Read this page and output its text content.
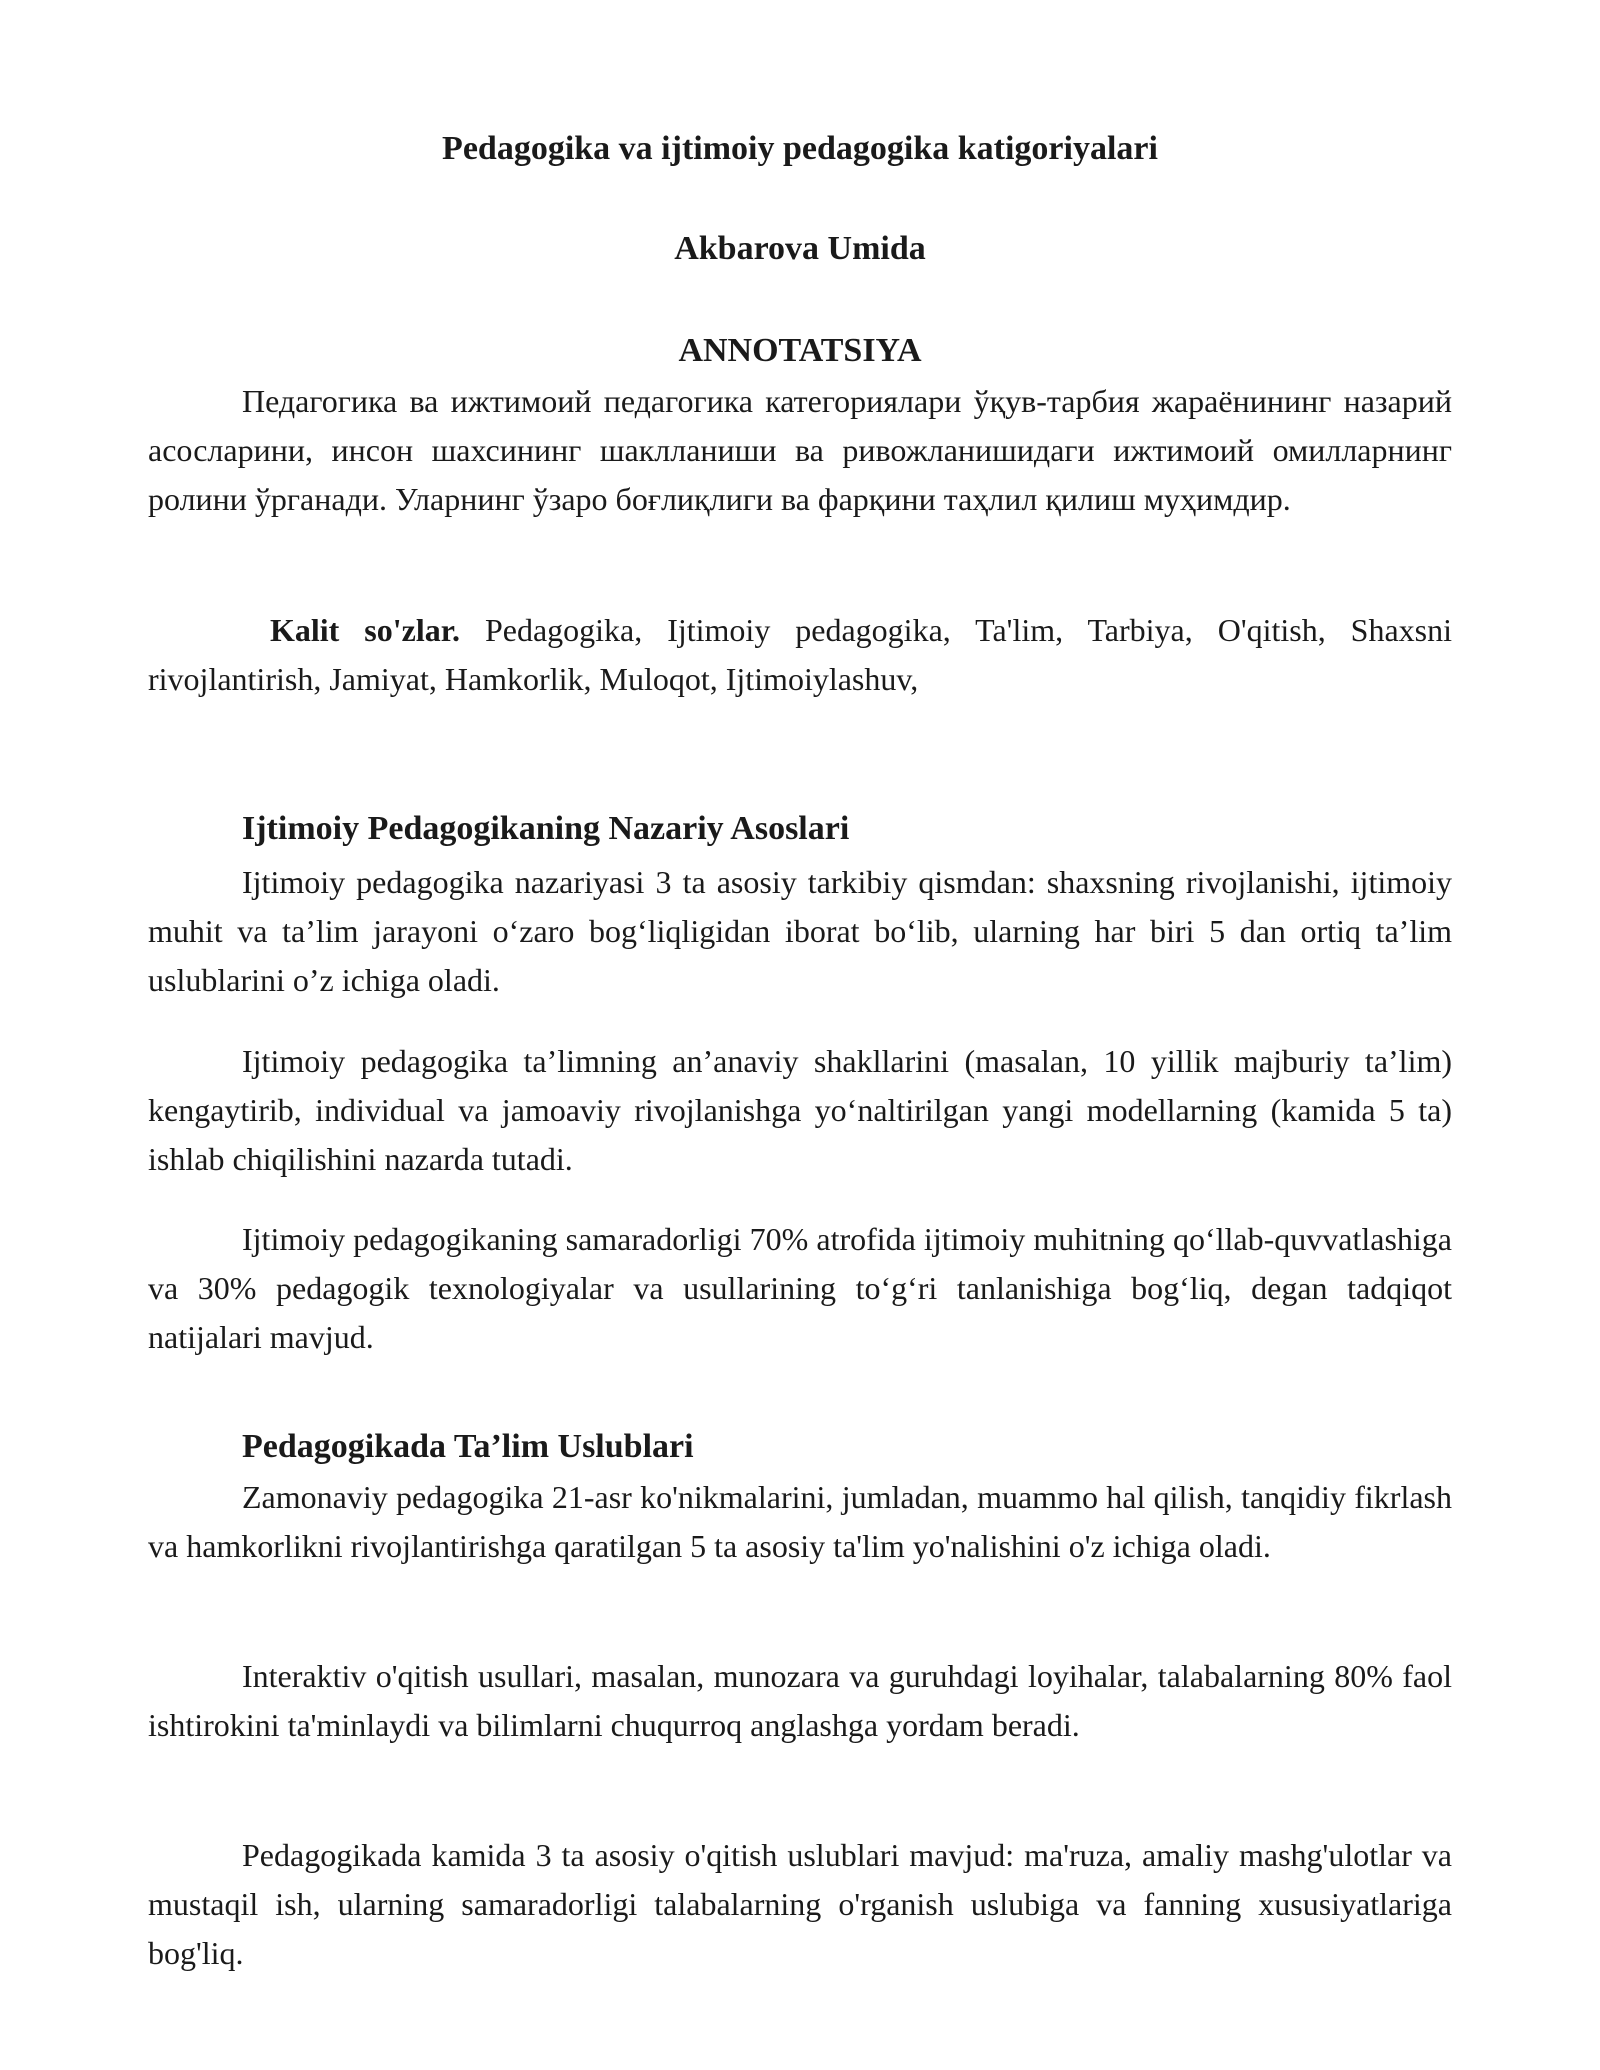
Pedagogika va ijtimoiy pedagogika katigoriyalari
Akbarova Umida
ANNOTATSIYA

Педагогика ва ижтимоий педагогика категориялари ўқув-тарбия жараёнининг назарий асосларини, инсон шахсининг шаклланиши ва ривожланишидаги ижтимоий омилларнинг ролини ўрганади. Уларнинг ўзаро боғлиқлиги ва фарқини таҳлил қилиш муҳимдир.

Kalit so'zlar. Pedagogika, Ijtimoiy pedagogika, Ta'lim, Tarbiya, O'qitish, Shaxsni rivojlantirish, Jamiyat, Hamkorlik, Muloqot, Ijtimoiylashuv,

Ijtimoiy Pedagogikaning Nazariy Asoslari

Ijtimoiy pedagogika nazariyasi 3 ta asosiy tarkibiy qismdan: shaxsning rivojlanishi, ijtimoiy muhit va ta’lim jarayoni o‘zaro bog‘liqligidan iborat bo‘lib, ularning har biri 5 dan ortiq ta’lim uslublarini o’z ichiga oladi.

Ijtimoiy pedagogika ta’limning an’anaviy shakllarini (masalan, 10 yillik majburiy ta’lim) kengaytirib, individual va jamoaviy rivojlanishga yo‘naltirilgan yangi modellarning (kamida 5 ta) ishlab chiqilishini nazarda tutadi.

Ijtimoiy pedagogikaning samaradorligi 70% atrofida ijtimoiy muhitning qo‘llab-quvvatlashiga va 30% pedagogik texnologiyalar va usullarining to‘g‘ri tanlanishiga bog‘liq, degan tadqiqot natijalari mavjud.

Pedagogikada Ta’lim Uslublari

Zamonaviy pedagogika 21-asr ko'nikmalarini, jumladan, muammo hal qilish, tanqidiy fikrlash va hamkorlikni rivojlantirishga qaratilgan 5 ta asosiy ta'lim yo'nalishini o'z ichiga oladi.

Interaktiv o'qitish usullari, masalan, munozara va guruhdagi loyihalar, talabalarning 80% faol ishtirokini ta'minlaydi va bilimlarni chuqurroq anglashga yordam beradi.

Pedagogikada kamida 3 ta asosiy o'qitish uslublari mavjud: ma'ruza, amaliy mashg'ulotlar va mustaqil ish, ularning samaradorligi talabalarning o'rganish uslubiga va fanning xususiyatlariga bog'liq.
